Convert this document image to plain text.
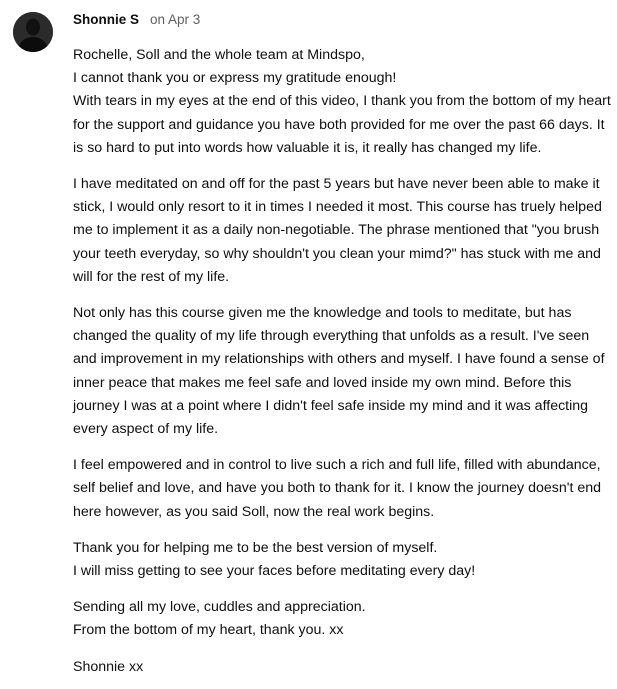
Shonnie S on Apr 3

Rochelle, Soll and the whole team at Mindspo,
I cannot thank you or express my gratitude enough!
With tears in my eyes at the end of this video, I thank you from the bottom of my heart
for the support and guidance you have both provided for me over the past 66 days. It
is so hard to put into words how valuable it is, it really has changed my life.

I have meditated on and off for the past 5 years but have never been able to make it
stick, I would only resort to it in times I needed it most. This course has truely helped
me to implement it as a daily non-negotiable. The phrase mentioned that "you brush
your teeth everyday, so why shouldn't you clean your mimd?" has stuck with me and
will for the rest of my life.

Not only has this course given me the knowledge and tools to meditate, but has
changed the quality of my life through everything that unfolds as a result. I've seen
and improvement in my relationships with others and myself. I have found a sense of
inner peace that makes me feel safe and loved inside my own mind. Before this
journey I was at a point where I didn't feel safe inside my mind and it was affecting
every aspect of my life.

I feel empowered and in control to live such a rich and full life, filled with abundance,
self belief and love, and have you both to thank for it. I know the journey doesn't end
here however, as you said Soll, now the real work begins.

Thank you for helping me to be the best version of myself.
I will miss getting to see your faces before meditating every day!

Sending all my love, cuddles and appreciation.
From the bottom of my heart, thank you. xx

Shonnie xx
